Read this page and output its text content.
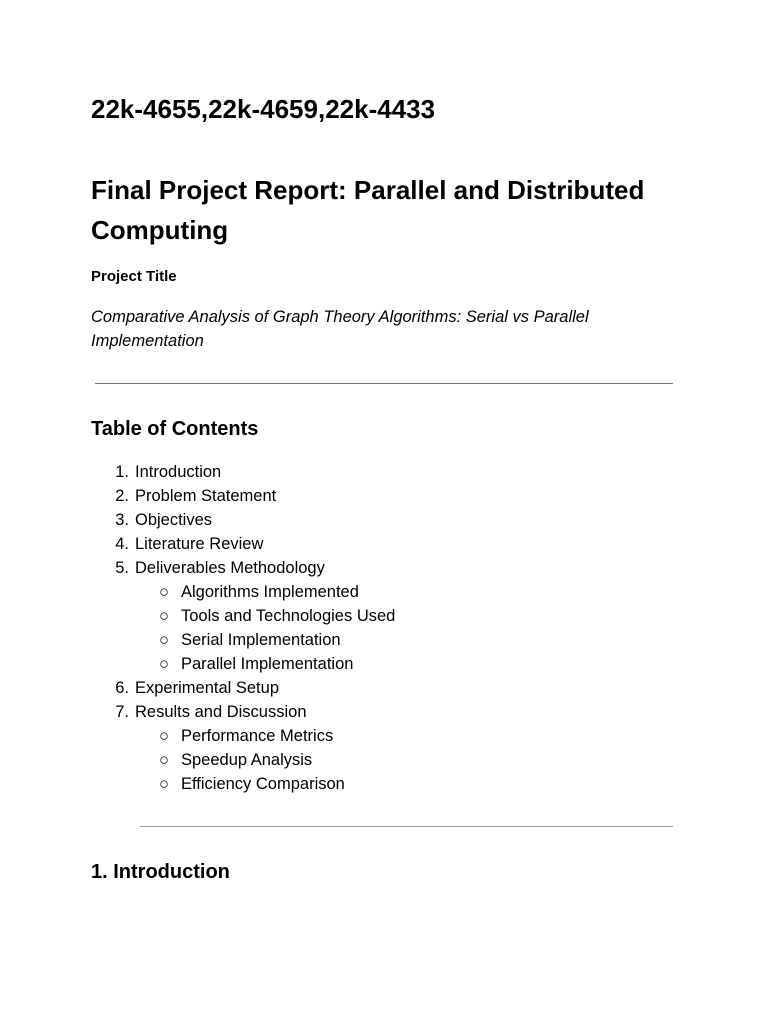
22k-4655,22k-4659,22k-4433
Final Project Report: Parallel and Distributed Computing
Project Title

Comparative Analysis of Graph Theory Algorithms: Serial vs Parallel Implementation

Table of Contents
1. Introduction
2. Problem Statement
3. Objectives
4. Literature Review
5. Deliverables Methodology
○ Algorithms Implemented
○ Tools and Technologies Used
○ Serial Implementation
○ Parallel Implementation
6. Experimental Setup
7. Results and Discussion
○ Performance Metrics
○ Speedup Analysis
○ Efficiency Comparison
1. Introduction
